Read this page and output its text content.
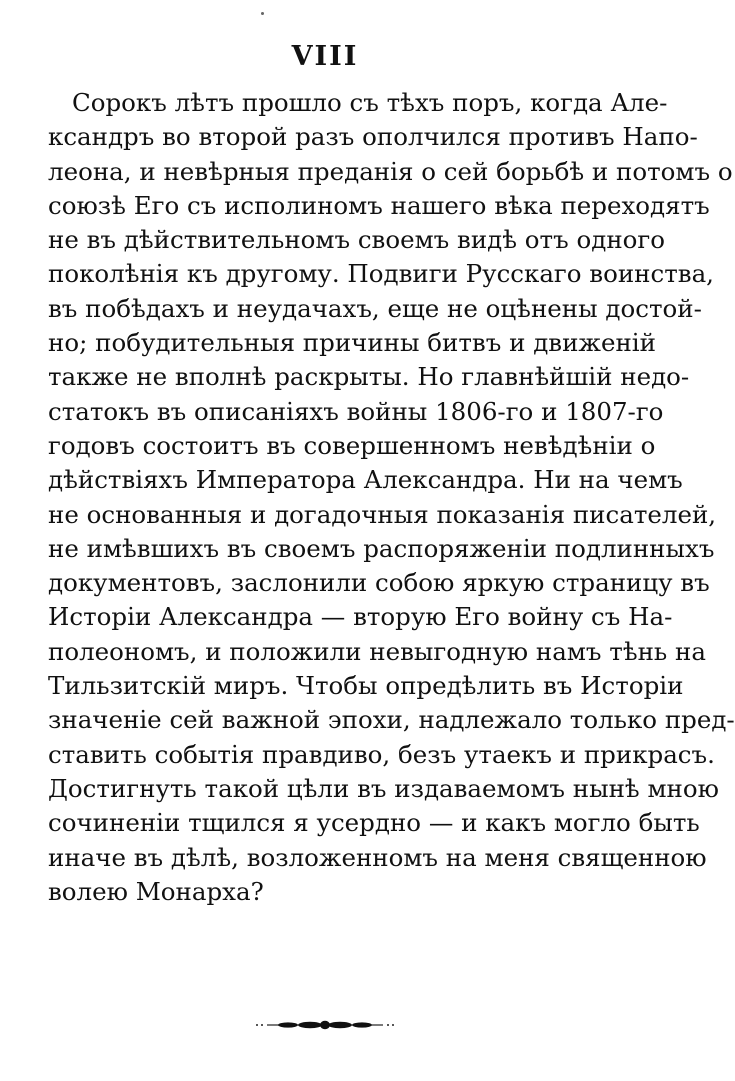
VIII
Сорокъ лѣтъ прошло съ тѣхъ поръ, когда Але-
ксандръ во второй разъ ополчился противъ Напо-
леона, и невѣрныя преданія о сей борьбѣ и потомъ о
союзѣ Его съ исполиномъ нашего вѣка переходятъ
не въ дѣйствительномъ своемъ видѣ отъ одного
поколѣнія къ другому. Подвиги Русскаго воинства,
въ побѣдахъ и неудачахъ, еще не оцѣнены достой-
но; побудительныя причины битвъ и движеній
также не вполнѣ раскрыты. Но главнѣйшій недо-
статокъ въ описаніяхъ войны 1806-го и 1807-го
годовъ состоитъ въ совершенномъ невѣдѣніи о
дѣйствіяхъ Императора Александра. Ни на чемъ
не основанныя и догадочныя показанія писателей,
не имѣвшихъ въ своемъ распоряженіи подлинныхъ
документовъ, заслонили собою яркую страницу въ
Исторіи Александра — вторую Его войну съ На-
полеономъ, и положили невыгодную намъ тѣнь на
Тильзитскій миръ. Чтобы опредѣлить въ Исторіи
значеніе сей важной эпохи, надлежало только пред-
ставить событія правдиво, безъ утаекъ и прикрасъ.
Достигнуть такой цѣли въ издаваемомъ нынѣ мною
сочиненіи тщился я усердно — и какъ могло быть
иначе въ дѣлѣ, возложенномъ на меня священною
волею Монарха?
